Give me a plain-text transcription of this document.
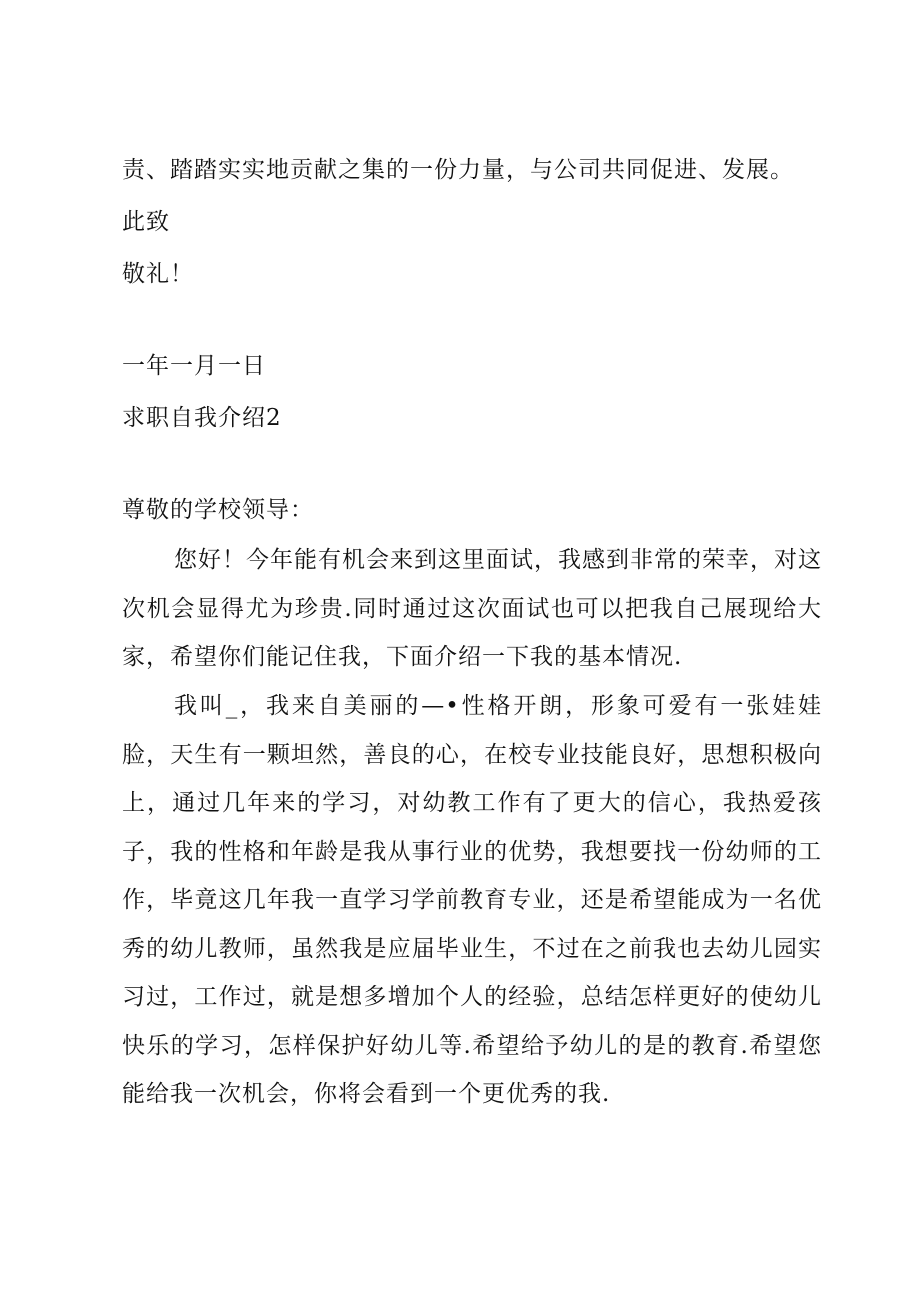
责、踏踏实实地贡献之集的一份力量，与公司共同促进、发展。
此致
敬礼！
一年一月一日
求职自我介绍2
尊敬的学校领导：
您好！今年能有机会来到这里面试，我感到非常的荣幸，对这次机会显得尤为珍贵.同时通过这次面试也可以把我自己展现给大家，希望你们能记住我，下面介绍一下我的基本情况.
我叫_，我来自美丽的—•性格开朗，形象可爱有一张娃娃脸，天生有一颗坦然，善良的心，在校专业技能良好，思想积极向上，通过几年来的学习，对幼教工作有了更大的信心，我热爱孩子，我的性格和年龄是我从事行业的优势，我想要找一份幼师的工作，毕竟这几年我一直学习学前教育专业，还是希望能成为一名优秀的幼儿教师，虽然我是应届毕业生，不过在之前我也去幼儿园实习过，工作过，就是想多增加个人的经验，总结怎样更好的使幼儿快乐的学习，怎样保护好幼儿等.希望给予幼儿的是的教育.希望您能给我一次机会，你将会看到一个更优秀的我.
